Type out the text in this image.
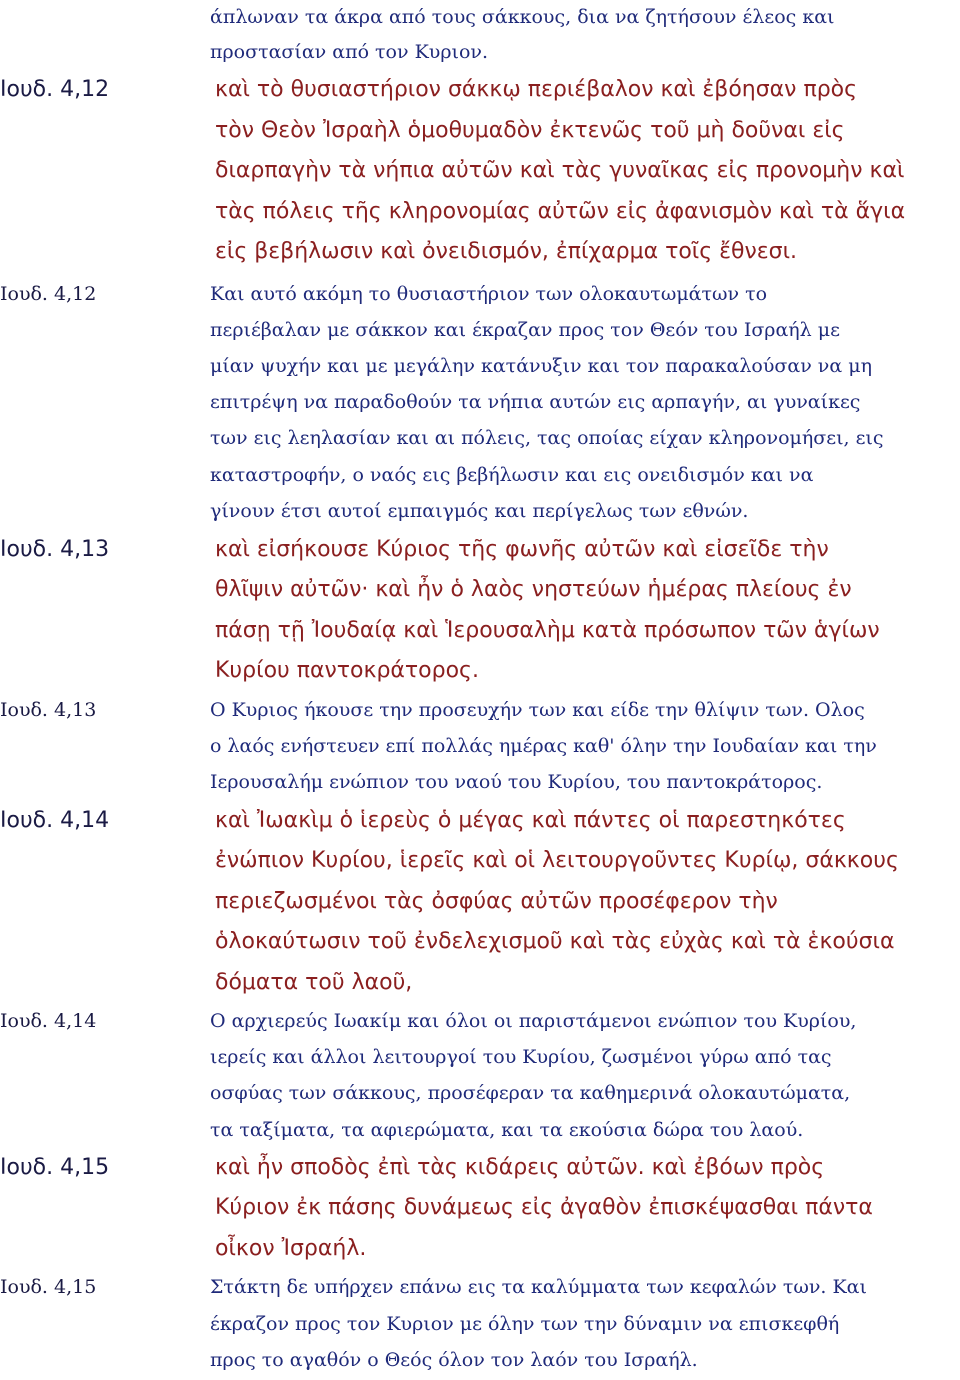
άπλωναν τα άκρα από τους σάκκους, δια να ζητήσουν έλεος και
προστασίαν από τον Κυριον.
Ιουδ. 4,12	καὶ τὸ θυσιαστήριον σάκκῳ περιέβαλον καὶ ἐβόησαν πρὸς
τὸν Θεὸν Ἰσραὴλ ὁμοθυμαδὸν ἐκτενῶς τοῦ μὴ δοῦναι εἰς
διαρπαγὴν τὰ νήπια αὐτῶν καὶ τὰς γυναῖκας εἰς προνομὴν καὶ
τὰς πόλεις τῆς κληρονομίας αὐτῶν εἰς ἀφανισμὸν καὶ τὰ ἅγια
εἰς βεβήλωσιν καὶ ὀνειδισμόν, ἐπίχαρμα τοῖς ἔθνεσι.
Ιουδ. 4,12	Και αυτό ακόμη το θυσιαστήριον των ολοκαυτωμάτων το
περιέβαλαν με σάκκον και έκραζαν προς τον Θεόν του Ισραήλ με
μίαν ψυχήν και με μεγάλην κατάνυξιν και τον παρακαλούσαν να μη
επιτρέψη να παραδοθούν τα νήπια αυτών εις αρπαγήν, αι γυναίκες
των εις λεηλασίαν και αι πόλεις, τας οποίας είχαν κληρονομήσει, εις
καταστροφήν, ο ναός εις βεβήλωσιν και εις ονειδισμόν και να
γίνουν έτσι αυτοί εμπαιγμός και περίγελως των εθνών.
Ιουδ. 4,13	καὶ εἰσήκουσε Κύριος τῆς φωνῆς αὐτῶν καὶ εἰσεῖδε τὴν
θλῖψιν αὐτῶν· καὶ ἦν ὁ λαὸς νηστεύων ἡμέρας πλείους ἐν
πάσῃ τῇ Ἰουδαίᾳ καὶ Ἱερουσαλὴμ κατὰ πρόσωπον τῶν ἁγίων
Κυρίου παντοκράτορος.
Ιουδ. 4,13	Ο Κυριος ήκουσε την προσευχήν των και είδε την θλίψιν των. Ολος
ο λαός ενήστευεν επί πολλάς ημέρας καθ' όλην την Ιουδαίαν και την
Ιερουσαλήμ ενώπιον του ναού του Κυρίου, του παντοκράτορος.
Ιουδ. 4,14	καὶ Ἰωακὶμ ὁ ἱερεὺς ὁ μέγας καὶ πάντες οἱ παρεστηκότες
ἐνώπιον Κυρίου, ἱερεῖς καὶ οἱ λειτουργοῦντες Κυρίῳ, σάκκους
περιεζωσμένοι τὰς ὀσφύας αὐτῶν προσέφερον τὴν
ὁλοκαύτωσιν τοῦ ἐνδελεχισμοῦ καὶ τὰς εὐχὰς καὶ τὰ ἑκούσια
δόματα τοῦ λαοῦ,
Ιουδ. 4,14	Ο αρχιερεύς Ιωακίμ και όλοι οι παριστάμενοι ενώπιον του Κυρίου,
ιερείς και άλλοι λειτουργοί του Κυρίου, ζωσμένοι γύρω από τας
οσφύας των σάκκους, προσέφεραν τα καθημερινά ολοκαυτώματα,
τα ταξίματα, τα αφιερώματα, και τα εκούσια δώρα του λαού.
Ιουδ. 4,15	καὶ ἦν σποδὸς ἐπὶ τὰς κιδάρεις αὐτῶν. καὶ ἐβόων πρὸς
Κύριον ἐκ πάσης δυνάμεως εἰς ἀγαθὸν ἐπισκέψασθαι πάντα
οἶκον Ἰσραήλ.
Ιουδ. 4,15	Στάκτη δε υπήρχεν επάνω εις τα καλύμματα των κεφαλών των. Και
έκραζον προς τον Κυριον με όλην των την δύναμιν να επισκεφθή
προς το αγαθόν ο Θεός όλον τον λαόν του Ισραήλ.
